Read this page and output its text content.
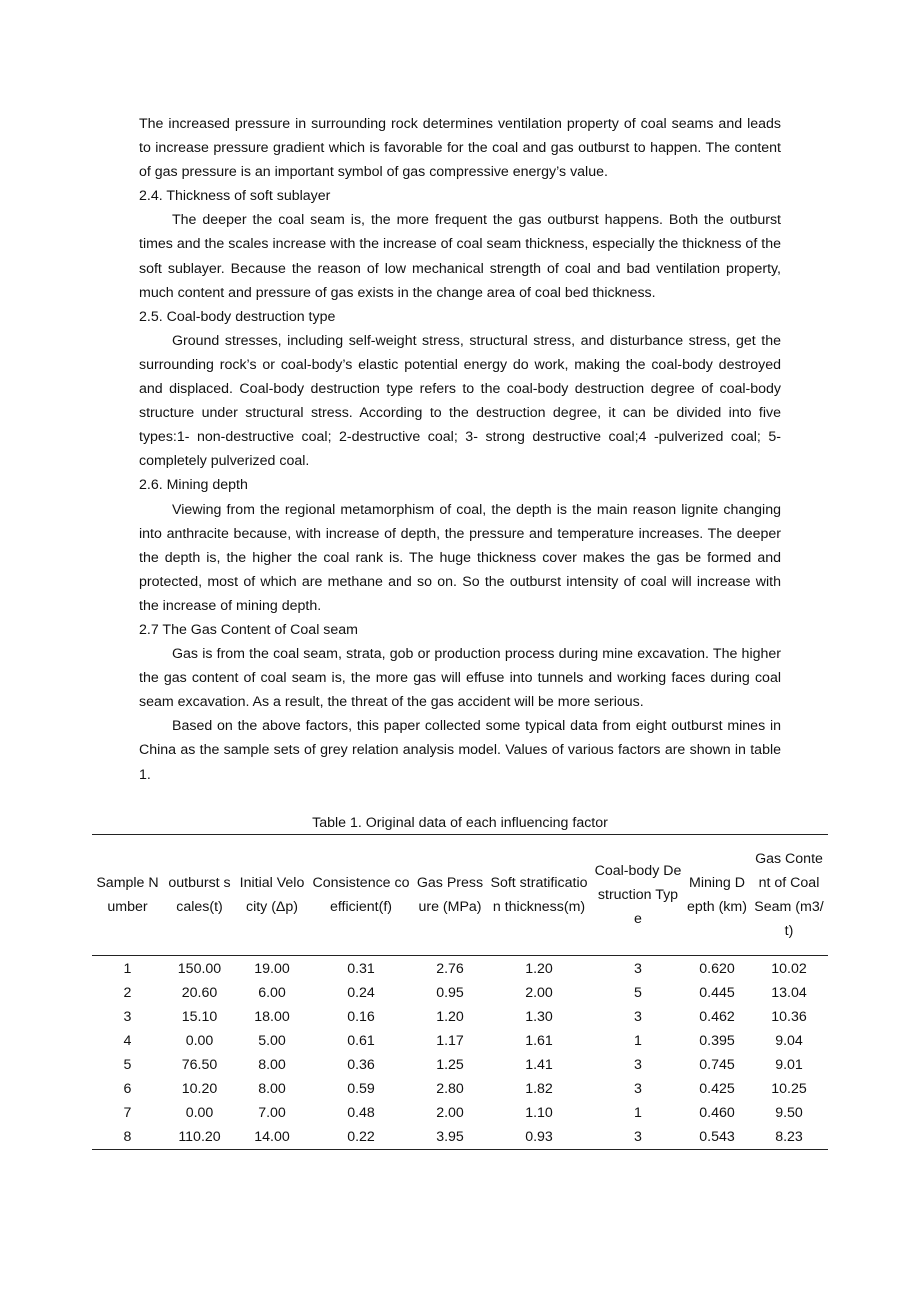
The increased pressure in surrounding rock determines ventilation property of coal seams and leads to increase pressure gradient which is favorable for the coal and gas outburst to happen. The content of gas pressure is an important symbol of gas compressive energy’s value.

2.4. Thickness of soft sublayer

The deeper the coal seam is, the more frequent the gas outburst happens. Both the outburst times and the scales increase with the increase of coal seam thickness, especially the thickness of the soft sublayer. Because the reason of low mechanical strength of coal and bad ventilation property, much content and pressure of gas exists in the change area of coal bed thickness.

2.5. Coal-body destruction type

Ground stresses, including self-weight stress, structural stress, and disturbance stress, get the surrounding rock’s or coal-body’s elastic potential energy do work, making the coal-body destroyed and displaced. Coal-body destruction type refers to the coal-body destruction degree of coal-body structure under structural stress. According to the destruction degree, it can be divided into five types:1- non-destructive coal; 2-destructive coal; 3- strong destructive coal;4 -pulverized coal; 5-completely pulverized coal.

2.6. Mining depth

Viewing from the regional metamorphism of coal, the depth is the main reason lignite changing into anthracite because, with increase of depth, the pressure and temperature increases. The deeper the depth is, the higher the coal rank is. The huge thickness cover makes the gas be formed and protected, most of which are methane and so on. So the outburst intensity of coal will increase with the increase of mining depth.

2.7 The Gas Content of Coal seam

Gas is from the coal seam, strata, gob or production process during mine excavation. The higher the gas content of coal seam is, the more gas will effuse into tunnels and working faces during coal seam excavation. As a result, the threat of the gas accident will be more serious.

Based on the above factors, this paper collected some typical data from eight outburst mines in China as the sample sets of grey relation analysis model. Values of various factors are shown in table 1.

Table 1. Original data of each influencing factor
Sample Number	outburst scales(t)	Initial Velocity (Δp)	Consistence coefficient(f)	Gas Pressure (MPa)	Soft stratification thickness(m)	Coal-body Destruction Type	Mining Depth (km)	Gas Content of Coal Seam (m3/t)
1	150.00	19.00	0.31	2.76	1.20	3	0.620	10.02
2	20.60	6.00	0.24	0.95	2.00	5	0.445	13.04
3	15.10	18.00	0.16	1.20	1.30	3	0.462	10.36
4	0.00	5.00	0.61	1.17	1.61	1	0.395	9.04
5	76.50	8.00	0.36	1.25	1.41	3	0.745	9.01
6	10.20	8.00	0.59	2.80	1.82	3	0.425	10.25
7	0.00	7.00	0.48	2.00	1.10	1	0.460	9.50
8	110.20	14.00	0.22	3.95	0.93	3	0.543	8.23
